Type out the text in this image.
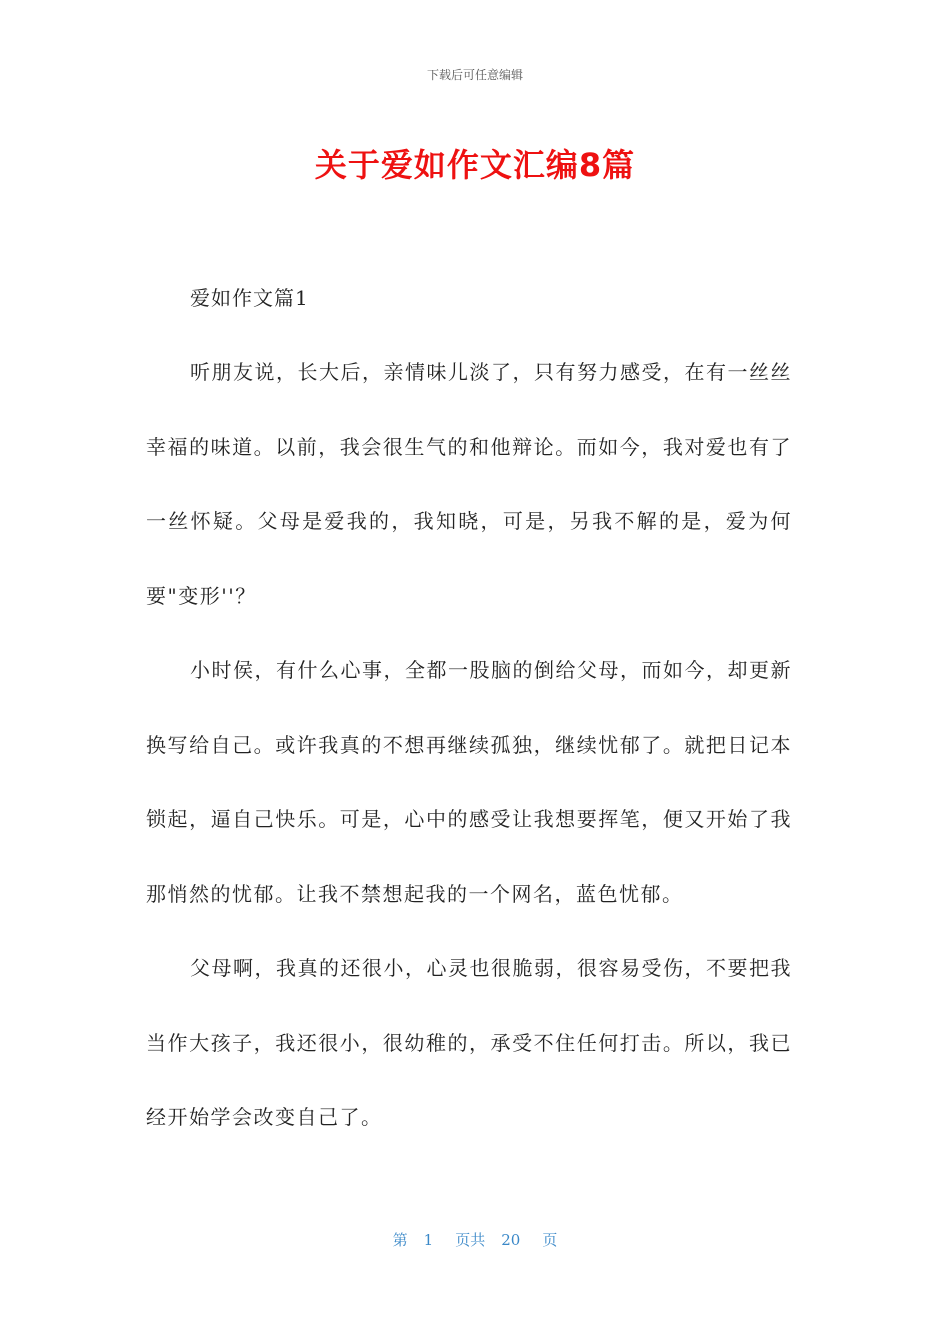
下载后可任意编辑
关于爱如作文汇编8篇
爱如作文篇1

听朋友说，长大后，亲情味儿淡了，只有努力感受，在有一丝丝幸福的味道。以前，我会很生气的和他辩论。而如今，我对爱也有了一丝怀疑。父母是爱我的，我知晓，可是，另我不解的是，爱为何要"变形''？

小时侯，有什么心事，全都一股脑的倒给父母，而如今，却更新换写给自己。或许我真的不想再继续孤独，继续忧郁了。就把日记本锁起，逼自己快乐。可是，心中的感受让我想要挥笔，便又开始了我那悄然的忧郁。让我不禁想起我的一个网名，蓝色忧郁。

父母啊，我真的还很小，心灵也很脆弱，很容易受伤，不要把我当作大孩子，我还很小，很幼稚的，承受不住任何打击。所以，我已经开始学会改变自己了。

第 1 页共 20 页
